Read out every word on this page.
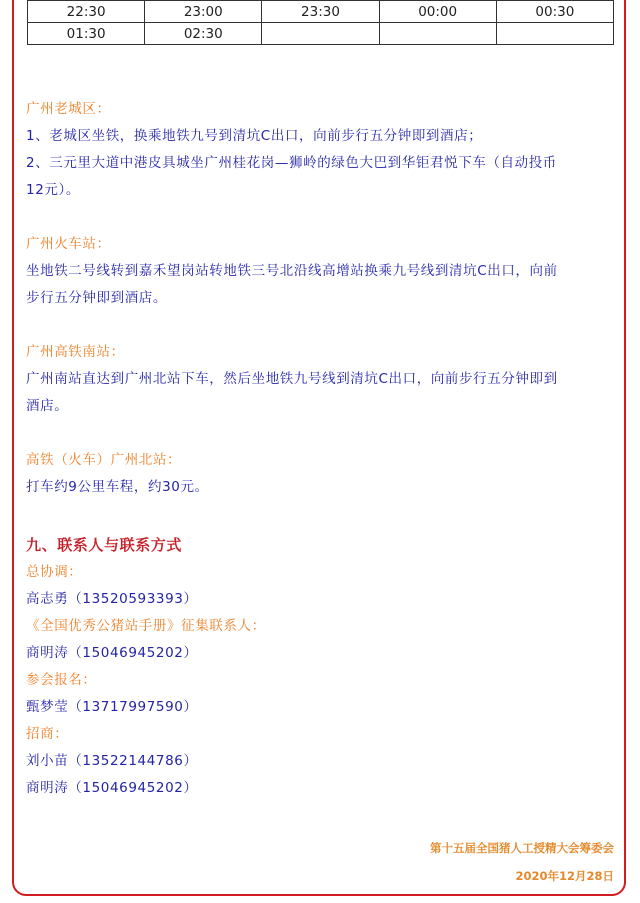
22:30	23:00	23:30	00:00	00:30
01:30	02:30			

广州老城区：

1、老城区坐铁，换乘地铁九号到清坑C出口，向前步行五分钟即到酒店；

2、三元里大道中港皮具城坐广州桂花岗—狮岭的绿色大巴到华钜君悦下车（自动投币

12元）。

广州火车站：

坐地铁二号线转到嘉禾望岗站转地铁三号北沿线高增站换乘九号线到清坑C出口，向前

步行五分钟即到酒店。

广州高铁南站：

广州南站直达到广州北站下车，然后坐地铁九号线到清坑C出口，向前步行五分钟即到

酒店。

高铁（火车）广州北站：

打车约9公里车程，约30元。

九、联系人与联系方式

总协调：

高志勇（13520593393）

《全国优秀公猪站手册》征集联系人：

商明涛（15046945202）

参会报名：

甄梦莹（13717997590）

招商：

刘小苗（13522144786）

商明涛（15046945202）

第十五届全国猪人工授精大会筹委会
2020年12月28日
